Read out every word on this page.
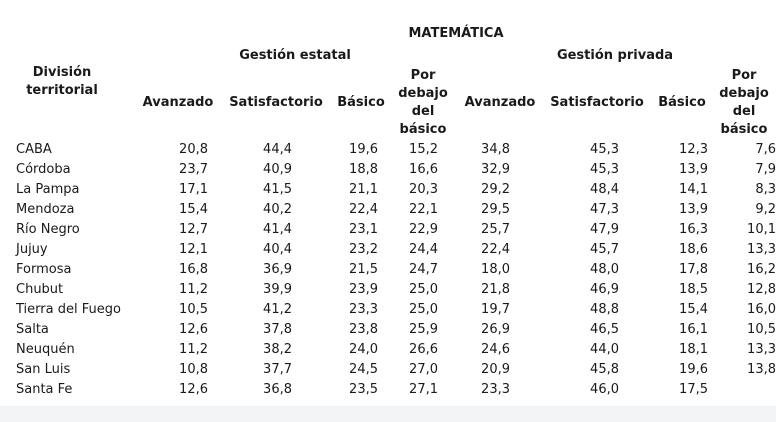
MATEMÁTICA
Gestión estatal	Gestión privada
División territorial
Avanzado	Satisfactorio	Básico
Por debajo del básico
Avanzado	Satisfactorio	Básico
Por debajo del básico
CABA	20,8	44,4	19,6	15,2	34,8	45,3	12,3	7,6
Córdoba	23,7	40,9	18,8	16,6	32,9	45,3	13,9	7,9
La Pampa	17,1	41,5	21,1	20,3	29,2	48,4	14,1	8,3
Mendoza	15,4	40,2	22,4	22,1	29,5	47,3	13,9	9,2
Río Negro	12,7	41,4	23,1	22,9	25,7	47,9	16,3	10,1
Jujuy	12,1	40,4	23,2	24,4	22,4	45,7	18,6	13,3
Formosa	16,8	36,9	21,5	24,7	18,0	48,0	17,8	16,2
Chubut	11,2	39,9	23,9	25,0	21,8	46,9	18,5	12,8
Tierra del Fuego	10,5	41,2	23,3	25,0	19,7	48,8	15,4	16,0
Salta	12,6	37,8	23,8	25,9	26,9	46,5	16,1	10,5
Neuquén	11,2	38,2	24,0	26,6	24,6	44,0	18,1	13,3
San Luis	10,8	37,7	24,5	27,0	20,9	45,8	19,6	13,8
Santa Fe	12,6	36,8	23,5	27,1	23,3	46,0	17,5	
